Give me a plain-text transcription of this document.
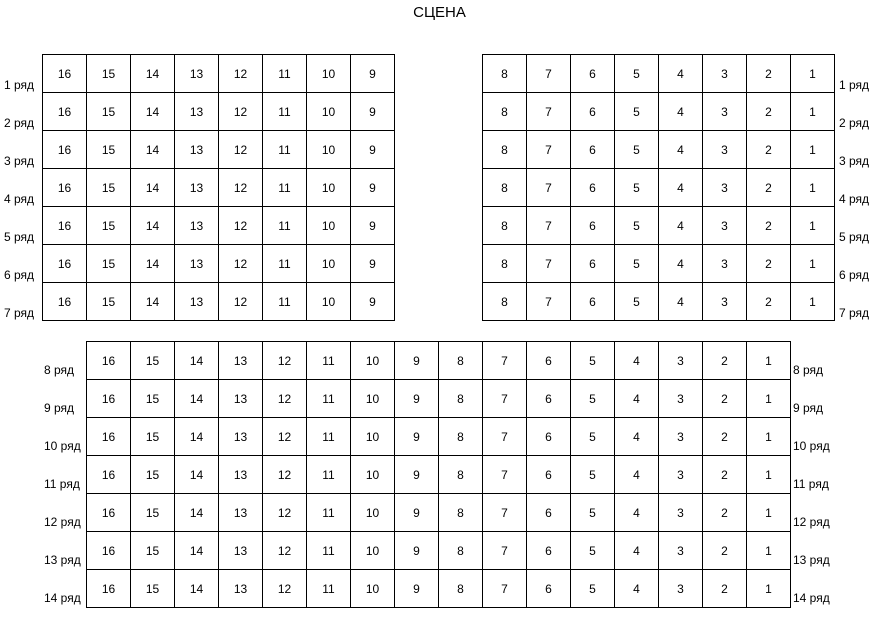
СЦЕНА
16	15	14	13	12	11	10	9
16	15	14	13	12	11	10	9
16	15	14	13	12	11	10	9
16	15	14	13	12	11	10	9
16	15	14	13	12	11	10	9
16	15	14	13	12	11	10	9
16	15	14	13	12	11	10	9
1 ряд
2 ряд
3 ряд
4 ряд
5 ряд
6 ряд
7 ряд
8	7	6	5	4	3	2	1
8	7	6	5	4	3	2	1
8	7	6	5	4	3	2	1
8	7	6	5	4	3	2	1
8	7	6	5	4	3	2	1
8	7	6	5	4	3	2	1
8	7	6	5	4	3	2	1
1 ряд
2 ряд
3 ряд
4 ряд
5 ряд
6 ряд
7 ряд
16	15	14	13	12	11	10	9	8	7	6	5	4	3	2	1
16	15	14	13	12	11	10	9	8	7	6	5	4	3	2	1
16	15	14	13	12	11	10	9	8	7	6	5	4	3	2	1
16	15	14	13	12	11	10	9	8	7	6	5	4	3	2	1
16	15	14	13	12	11	10	9	8	7	6	5	4	3	2	1
16	15	14	13	12	11	10	9	8	7	6	5	4	3	2	1
16	15	14	13	12	11	10	9	8	7	6	5	4	3	2	1
8 ряд	8 ряд
9 ряд	9 ряд
10 ряд	10 ряд
11 ряд	11 ряд
12 ряд	12 ряд
13 ряд	13 ряд
14 ряд	14 ряд
